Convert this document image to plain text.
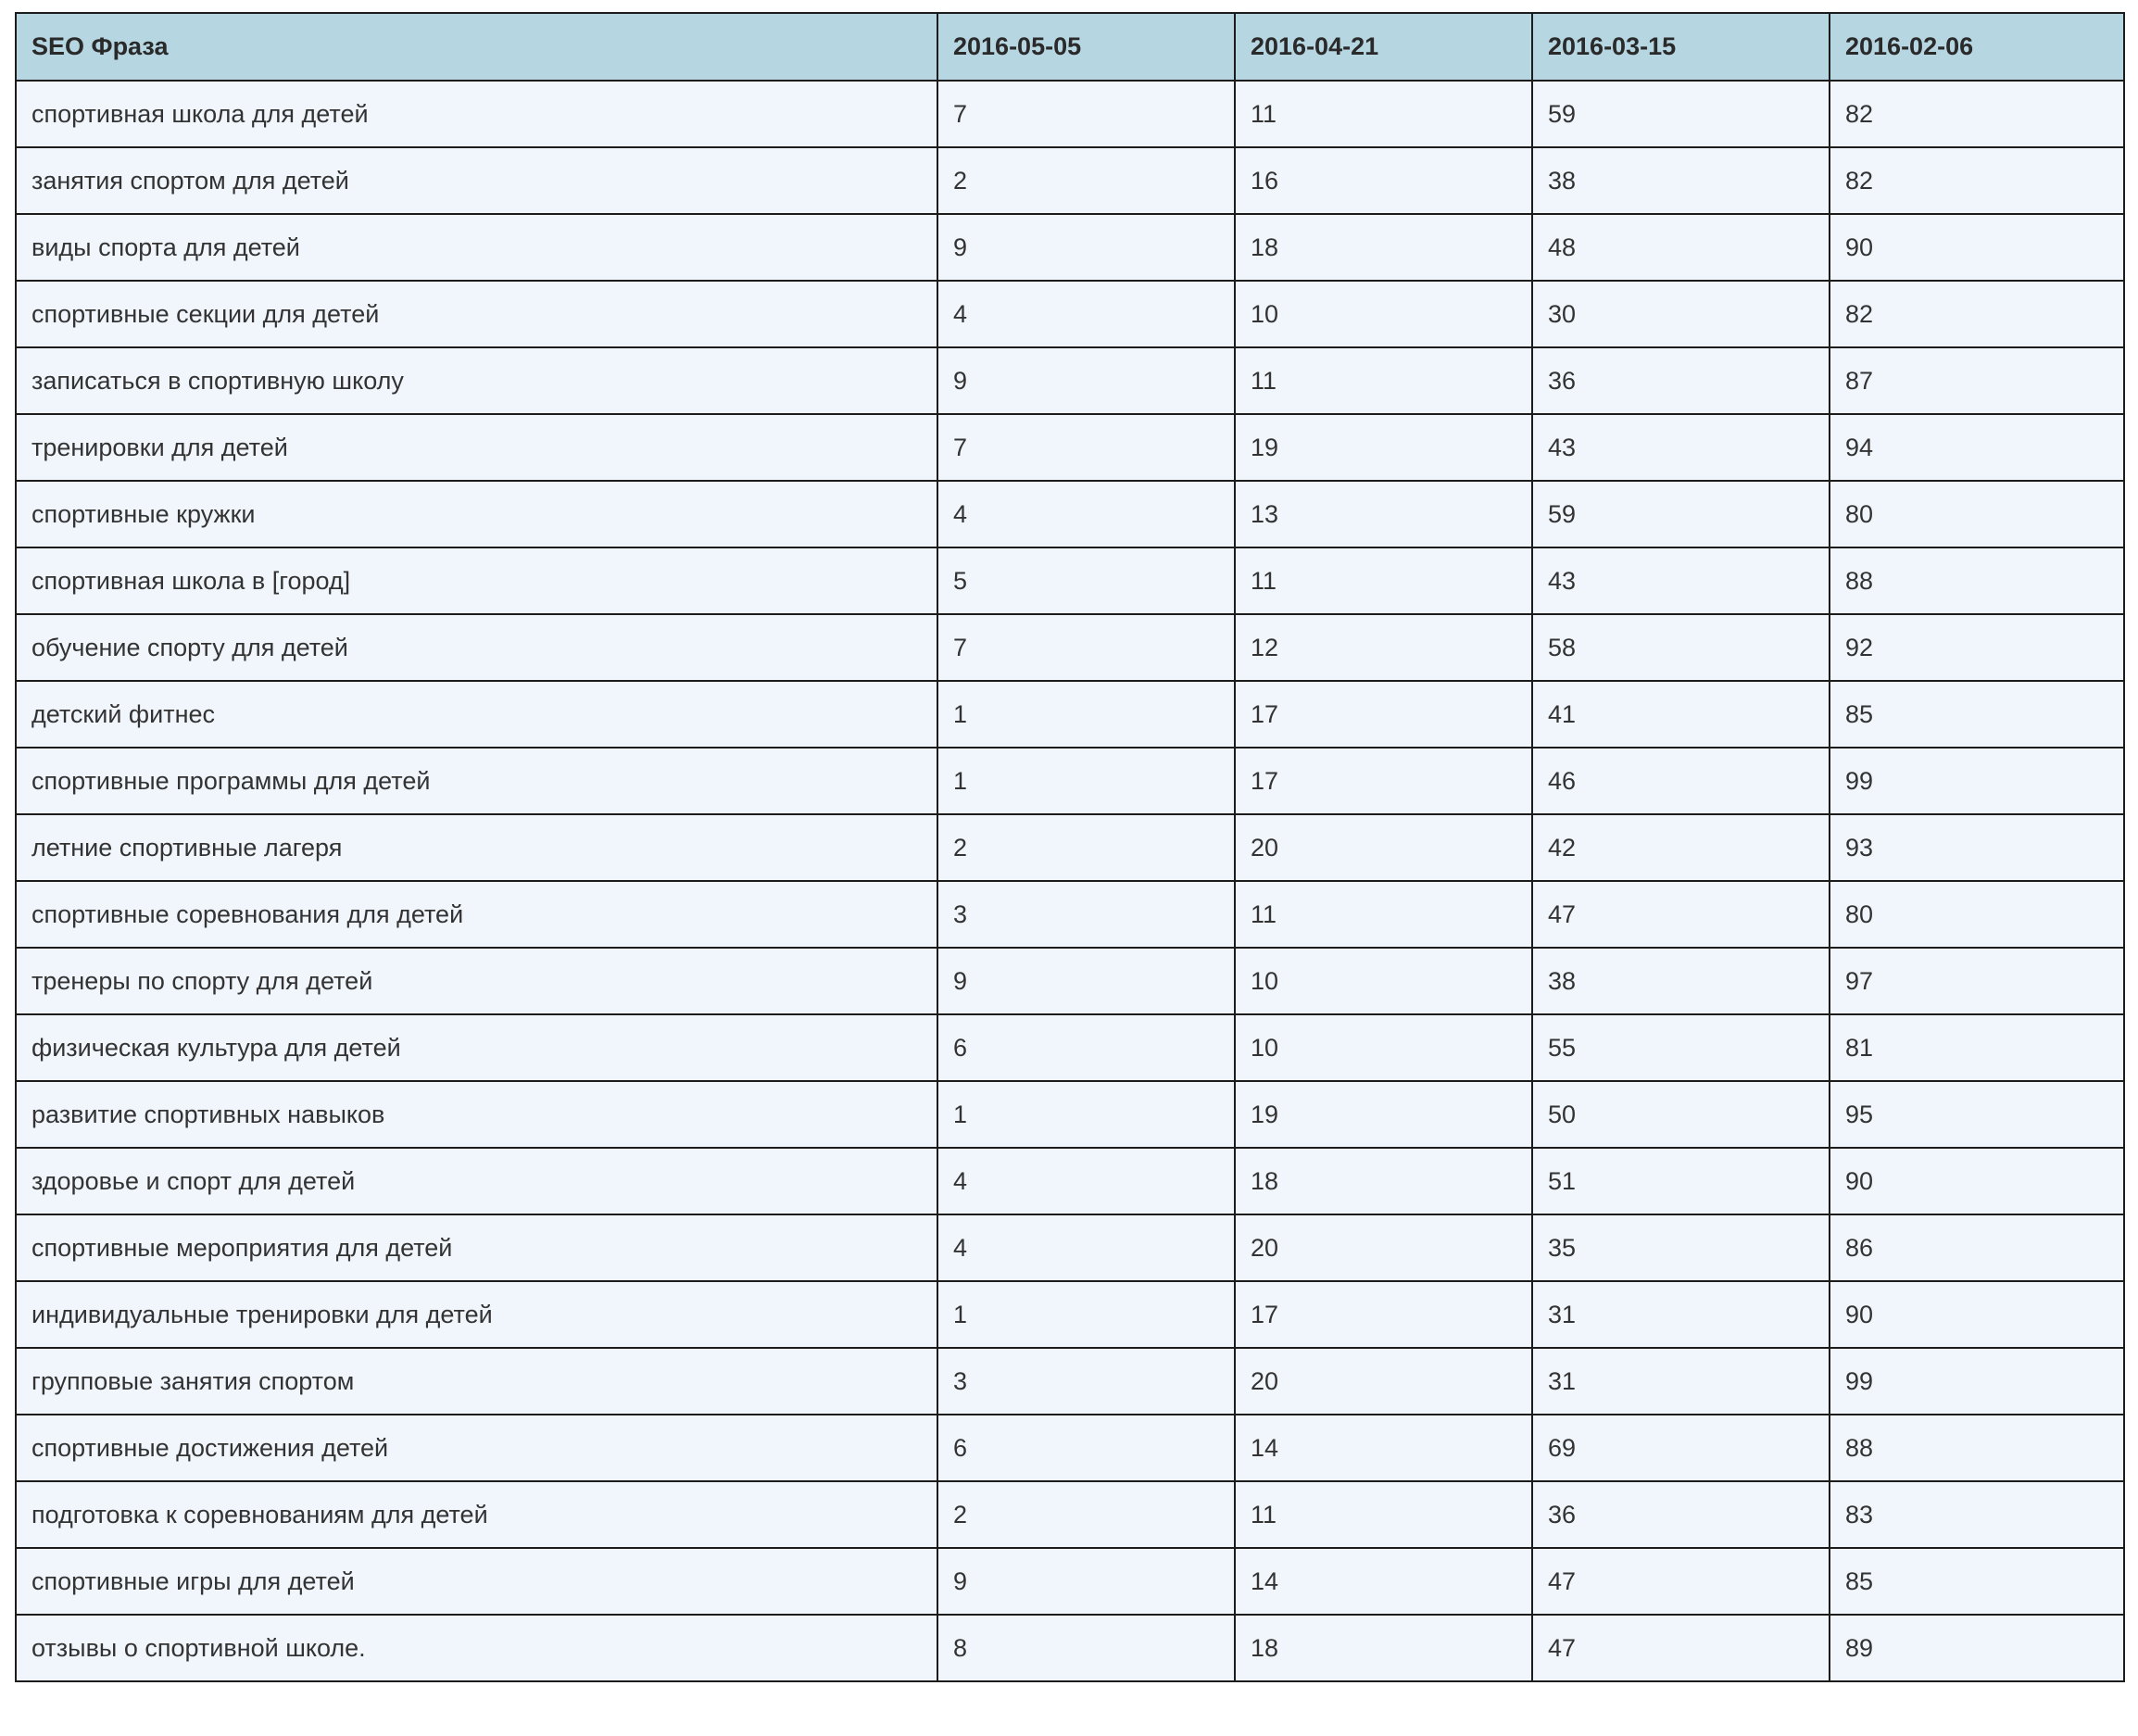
SEO Фраза	2016-05-05	2016-04-21	2016-03-15	2016-02-06
спортивная школа для детей	7	11	59	82
занятия спортом для детей	2	16	38	82
виды спорта для детей	9	18	48	90
спортивные секции для детей	4	10	30	82
записаться в спортивную школу	9	11	36	87
тренировки для детей	7	19	43	94
спортивные кружки	4	13	59	80
спортивная школа в [город]	5	11	43	88
обучение спорту для детей	7	12	58	92
детский фитнес	1	17	41	85
спортивные программы для детей	1	17	46	99
летние спортивные лагеря	2	20	42	93
спортивные соревнования для детей	3	11	47	80
тренеры по спорту для детей	9	10	38	97
физическая культура для детей	6	10	55	81
развитие спортивных навыков	1	19	50	95
здоровье и спорт для детей	4	18	51	90
спортивные мероприятия для детей	4	20	35	86
индивидуальные тренировки для детей	1	17	31	90
групповые занятия спортом	3	20	31	99
спортивные достижения детей	6	14	69	88
подготовка к соревнованиям для детей	2	11	36	83
спортивные игры для детей	9	14	47	85
отзывы о спортивной школе.	8	18	47	89
